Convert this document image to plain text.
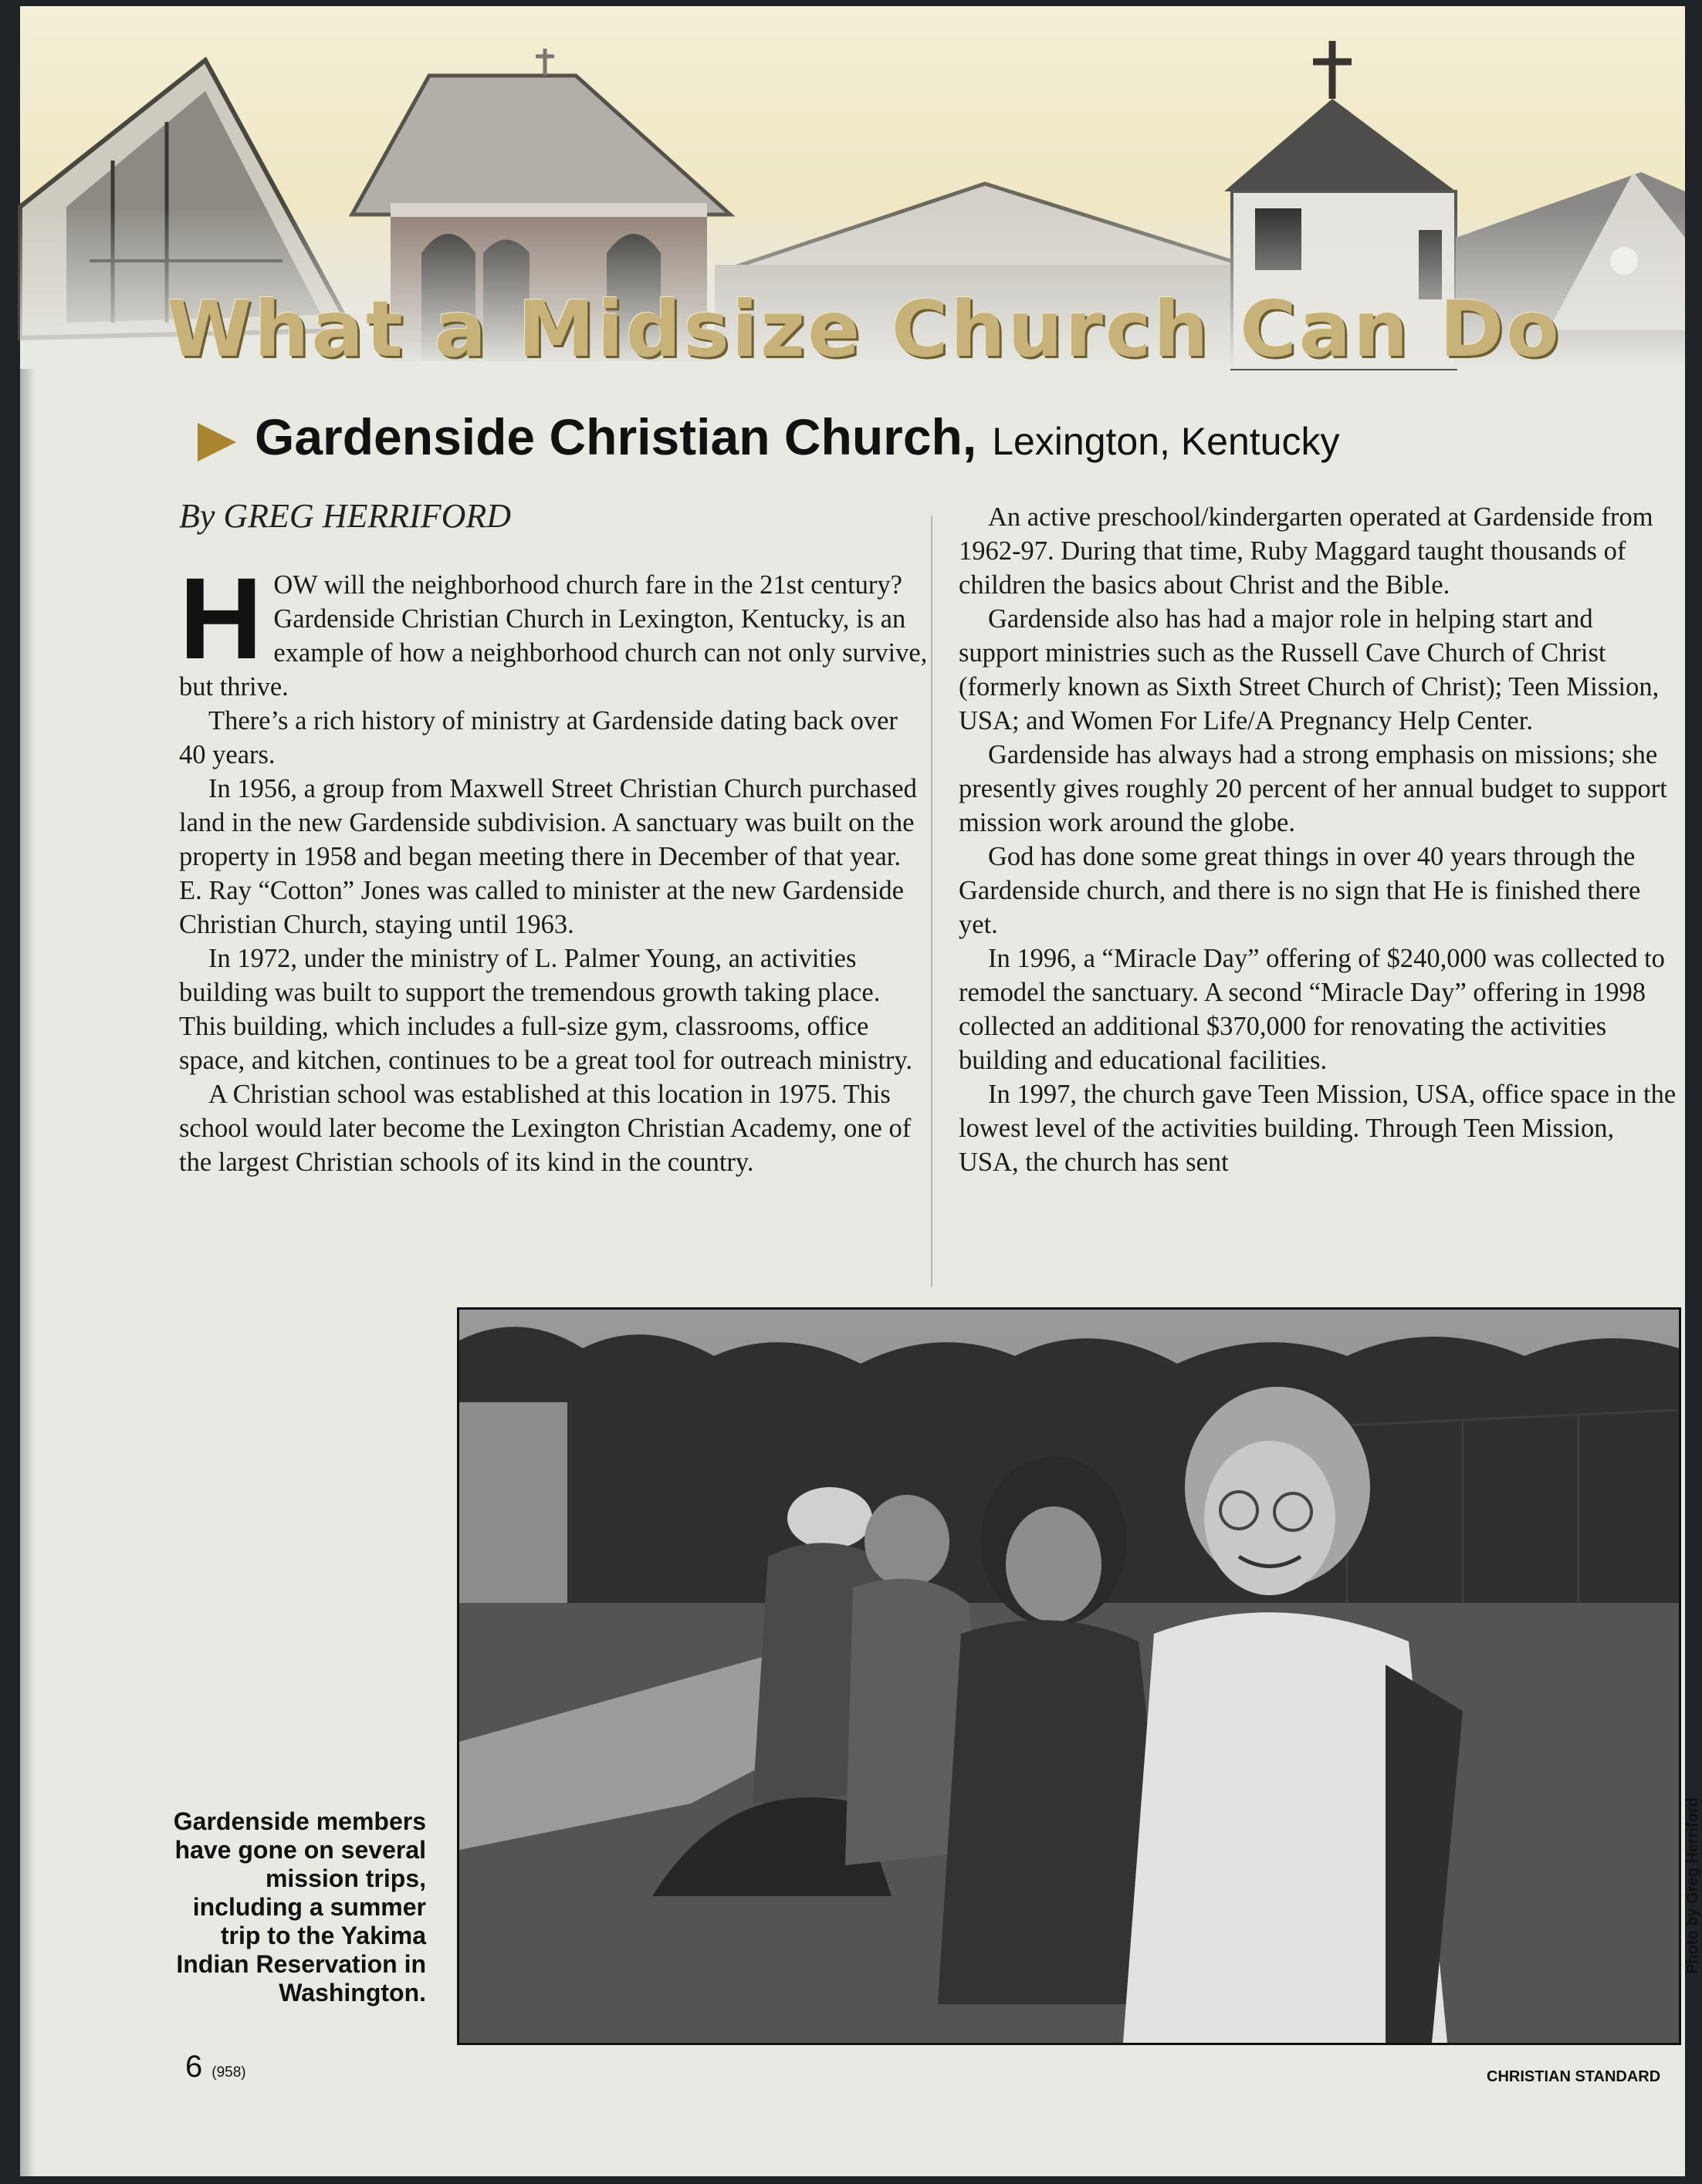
What a Midsize Church Can Do
Gardenside Christian Church, Lexington, Kentucky
By GREG HERRIFORD

HOW will the neighborhood church fare in the 21st century? Gardenside Christian Church in Lexington, Kentucky, is an example of how a neighborhood church can not only survive, but thrive.

There’s a rich history of ministry at Gardenside dating back over 40 years.

In 1956, a group from Maxwell Street Christian Church purchased land in the new Gardenside subdivision. A sanctuary was built on the property in 1958 and began meeting there in December of that year. E. Ray “Cotton” Jones was called to minister at the new Gardenside Christian Church, staying until 1963.

In 1972, under the ministry of L. Palmer Young, an activities building was built to support the tremendous growth taking place. This building, which includes a full-size gym, classrooms, office space, and kitchen, continues to be a great tool for outreach ministry.

A Christian school was established at this location in 1975. This school would later become the Lexington Christian Academy, one of the largest Christian schools of its kind in the country.

An active preschool/kindergarten operated at Gardenside from 1962-97. During that time, Ruby Maggard taught thousands of children the basics about Christ and the Bible.

Gardenside also has had a major role in helping start and support ministries such as the Russell Cave Church of Christ (formerly known as Sixth Street Church of Christ); Teen Mission, USA; and Women For Life/A Pregnancy Help Center.

Gardenside has always had a strong emphasis on missions; she presently gives roughly 20 percent of her annual budget to support mission work around the globe.

God has done some great things in over 40 years through the Gardenside church, and there is no sign that He is finished there yet.

In 1996, a “Miracle Day” offering of $240,000 was collected to remodel the sanctuary. A second “Miracle Day” offering in 1998 collected an additional $370,000 for renovating the activities building and educational facilities.

In 1997, the church gave Teen Mission, USA, office space in the lowest level of the activities building. Through Teen Mission, USA, the church has sent

Photo by Greg Herriford
Gardenside members have gone on several mission trips, including a summer trip to the Yakima Indian Reservation in Washington.
6 (958)	CHRISTIAN STANDARD
